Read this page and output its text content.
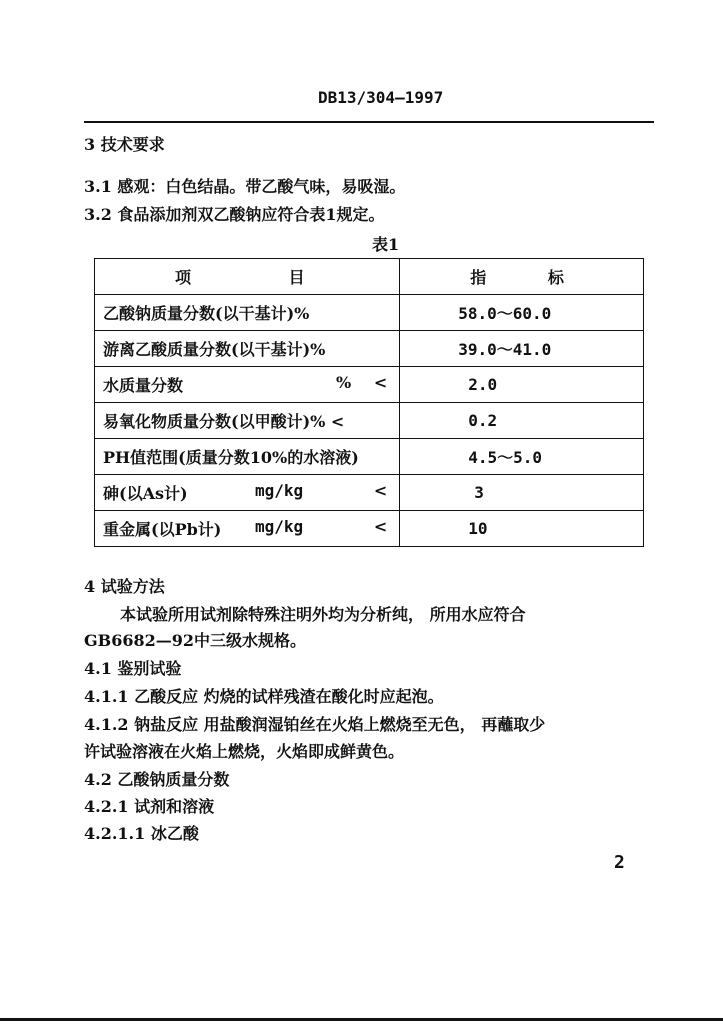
DB13/304—1997
3 技术要求
3.1 感观：白色结晶。带乙酸气味，易吸湿。
3.2 食品添加剂双乙酸钠应符合表1规定。
表1
项 目	指 标
乙酸钠质量分数(以干基计)%	58.0～60.0
游离乙酸质量分数(以干基计)%	39.0～41.0
水质量分数 % <	2.0
易氧化物质量分数(以甲酸计)% <	0.2
PH值范围(质量分数10%的水溶液)	4.5～5.0
砷(以As计) mg/kg <	3
重金属(以Pb计) mg/kg <	10
4 试验方法
本试验所用试剂除特殊注明外均为分析纯， 所用水应符合
GB6682—92中三级水规格。
4.1 鉴别试验
4.1.1 乙酸反应 灼烧的试样残渣在酸化时应起泡。
4.1.2 钠盐反应 用盐酸润湿铂丝在火焰上燃烧至无色， 再蘸取少
许试验溶液在火焰上燃烧，火焰即成鲜黄色。
4.2 乙酸钠质量分数
4.2.1 试剂和溶液
4.2.1.1 冰乙酸
2
